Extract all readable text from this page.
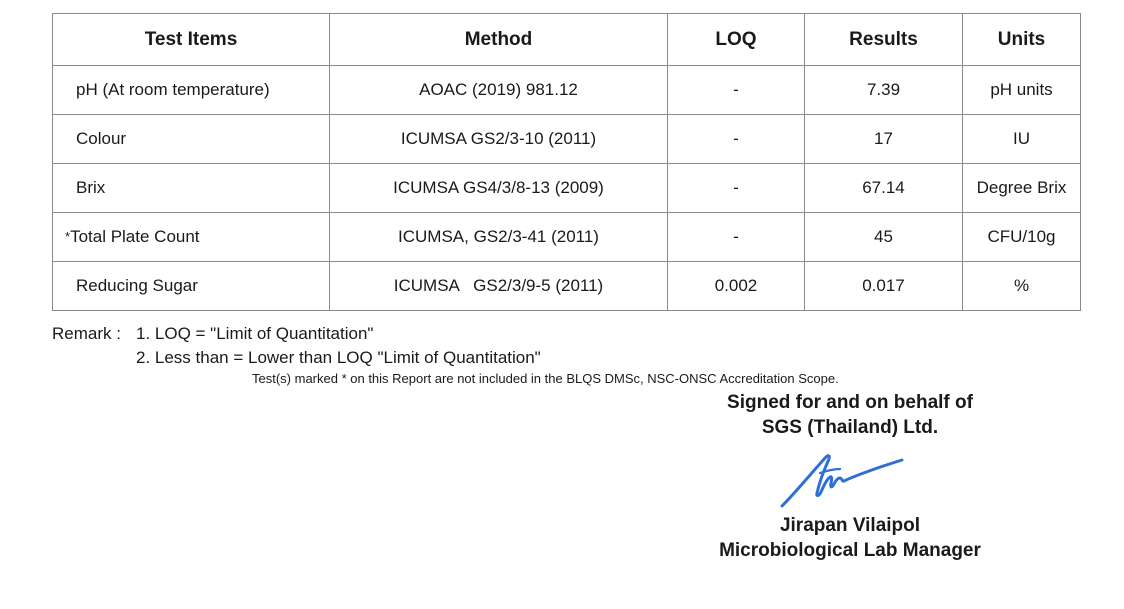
Test Items	Method	LOQ	Results	Units
pH (At room temperature)	AOAC (2019) 981.12	-	7.39	pH units
Colour	ICUMSA GS2/3-10 (2011)	-	17	IU
Brix	ICUMSA GS4/3/8-13 (2009)	-	67.14	Degree Brix
*Total Plate Count	ICUMSA, GS2/3-41 (2011)	-	45	CFU/10g
Reducing Sugar	ICUMSA   GS2/3/9-5 (2011)	0.002	0.017	%
Remark : 1. LOQ = "Limit of Quantitation"
2. Less than = Lower than LOQ "Limit of Quantitation"
Test(s) marked * on this Report are not included in the BLQS DMSc, NSC-ONSC Accreditation Scope.
Signed for and on behalf of
SGS (Thailand) Ltd.
Jirapan Vilaipol
Microbiological Lab Manager
